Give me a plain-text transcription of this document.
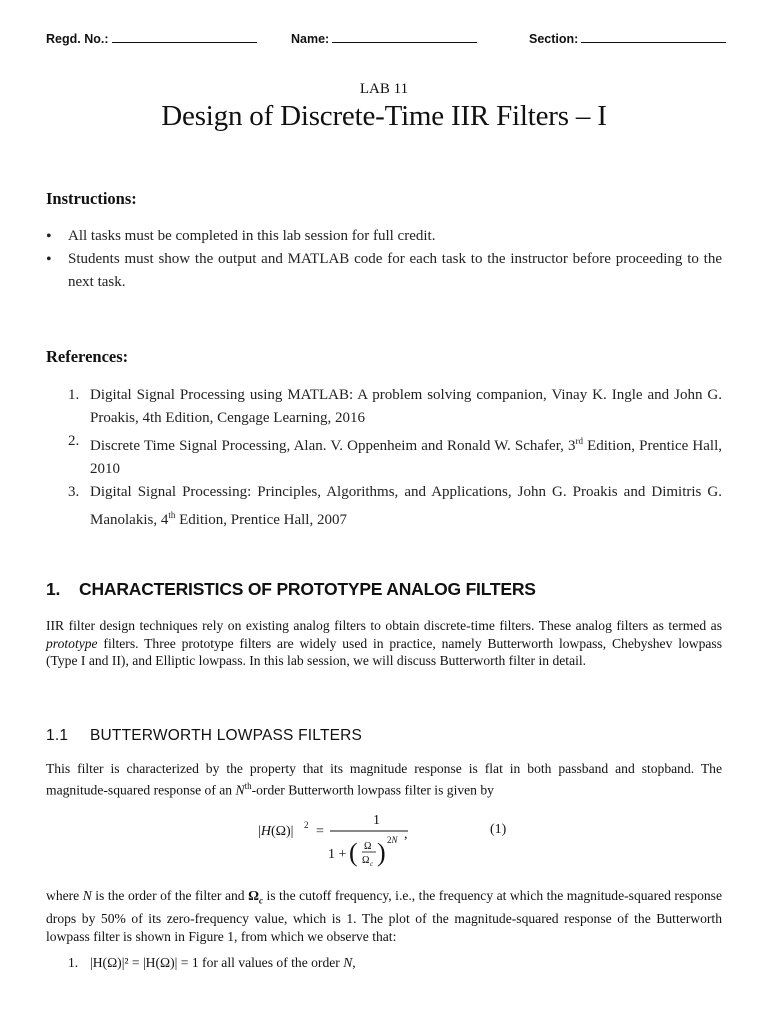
Regd. No.:	Name:	Section:
LAB 11
Design of Discrete-Time IIR Filters – I
Instructions:
• All tasks must be completed in this lab session for full credit.
• Students must show the output and MATLAB code for each task to the instructor before proceeding to the next task.
References:
1. Digital Signal Processing using MATLAB: A problem solving companion, Vinay K. Ingle and John G. Proakis, 4th Edition, Cengage Learning, 2016
2. Discrete Time Signal Processing, Alan. V. Oppenheim and Ronald W. Schafer, 3rd Edition, Prentice Hall, 2010
3. Digital Signal Processing: Principles, Algorithms, and Applications, John G. Proakis and Dimitris G. Manolakis, 4th Edition, Prentice Hall, 2007
1. CHARACTERISTICS OF PROTOTYPE ANALOG FILTERS
IIR filter design techniques rely on existing analog filters to obtain discrete-time filters. These analog filters as termed as prototype filters. Three prototype filters are widely used in practice, namely Butterworth lowpass, Chebyshev lowpass (Type I and II), and Elliptic lowpass. In this lab session, we will discuss Butterworth filter in detail.
1.1 BUTTERWORTH LOWPASS FILTERS
This filter is characterized by the property that its magnitude response is flat in both passband and stopband. The magnitude-squared response of an $N^{th}$-order Butterworth lowpass filter is given by
|H(Ω)| 2 =
1
1 + ( Ω
Ω c ) 2N ,	(1)
where N is the order of the filter and $\Omega_c$ is the cutoff frequency, i.e., the frequency at which the magnitude-squared response drops by 50% of its zero-frequency value, which is 1. The plot of the magnitude-squared response of the Butterworth lowpass filter is shown in Figure 1, from which we observe that:
1. |H(Ω)|² = |H(Ω)| = 1 for all values of the order N,
